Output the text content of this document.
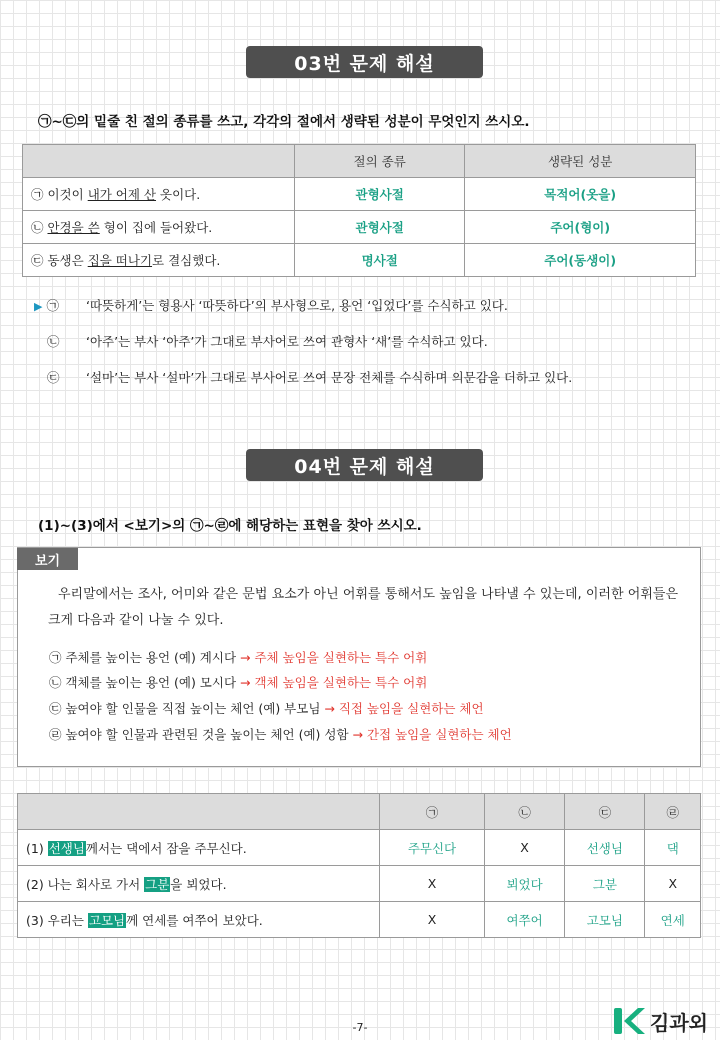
03번 문제 해설
㉠~㉢의 밑줄 친 절의 종류를 쓰고, 각각의 절에서 생략된 성분이 무엇인지 쓰시오.
	절의 종류	생략된 성분
㉠ 이것이 내가 어제 산 옷이다.	관형사절	목적어(옷을)
㉡ 안경을 쓴 형이 집에 들어왔다.	관형사절	주어(형이)
㉢ 동생은 집을 떠나기로 결심했다.	명사절	주어(동생이)
▶ ㉠	‘따뜻하게’는 형용사 ‘따뜻하다’의 부사형으로, 용언 ‘입었다’를 수식하고 있다.
㉡	‘아주’는 부사 ‘아주’가 그대로 부사어로 쓰여 관형사 ‘새’를 수식하고 있다.
㉢	‘설마’는 부사 ‘설마’가 그대로 부사어로 쓰여 문장 전체를 수식하며 의문감을 더하고 있다.
04번 문제 해설
(1)~(3)에서 <보기>의 ㉠~㉣에 해당하는 표현을 찾아 쓰시오.
우리말에서는 조사, 어미와 같은 문법 요소가 아닌 어휘를 통해서도 높임을 나타낼 수 있는데, 이러한 어휘들은 크게 다음과 같이 나눌 수 있다.
㉠ 주체를 높이는 용언 (예) 계시다 → 주체 높임을 실현하는 특수 어휘
㉡ 객체를 높이는 용언 (예) 모시다 → 객체 높임을 실현하는 특수 어휘
㉢ 높여야 할 인물을 직접 높이는 체언 (예) 부모님 → 직접 높임을 실현하는 체언
㉣ 높여야 할 인물과 관련된 것을 높이는 체언 (예) 성함 → 간접 높임을 실현하는 체언
보기
	㉠	㉡	㉢	㉣
(1) 선생님께서는 댁에서 잠을 주무신다.	주무신다	X	선생님	댁
(2) 나는 회사로 가서 그분을 뵈었다.	X	뵈었다	그분	X
(3) 우리는 고모님께 연세를 여쭈어 보았다.	X	여쭈어	고모님	연세
-7-	김과외
